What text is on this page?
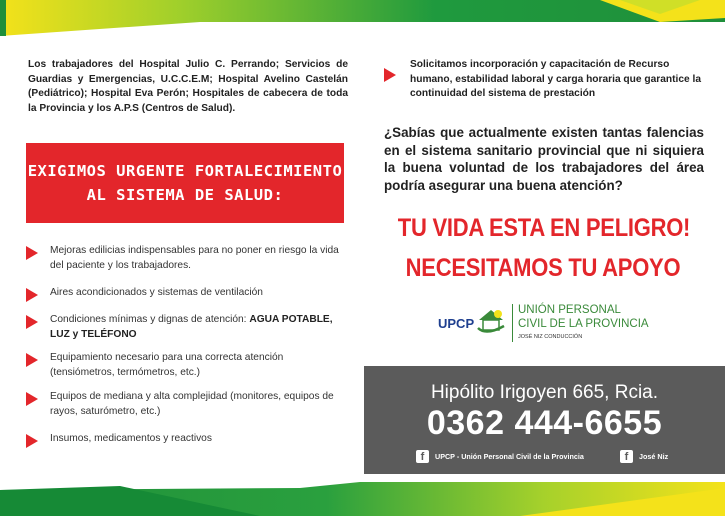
Los trabajadores del Hospital Julio C. Perrando; Servicios de Guardias y Emergencias, U.C.C.E.M; Hospital Avelino Castelán (Pediátrico); Hospital Eva Perón; Hospitales de cabecera de toda la Provincia y los A.P.S (Centros de Salud).
EXIGIMOS URGENTE FORTALECIMIENTO
AL SISTEMA DE SALUD:
Mejoras edilicias indispensables para no poner en riesgo la vida del paciente y los trabajadores.
Aires acondicionados y sistemas de ventilación
Condiciones mínimas y dignas de atención: AGUA POTABLE, LUZ y TELÉFONO
Equipamiento necesario para una correcta atención (tensiómetros, termómetros, etc.)
Equipos de mediana y alta complejidad (monitores, equipos de rayos, saturómetro, etc.)
Insumos, medicamentos y reactivos
Solicitamos incorporación y capacitación de Recurso humano, estabilidad laboral y carga horaria que garantice la continuidad del sistema de prestación
¿Sabías que actualmente existen tantas falencias en el sistema sanitario provincial que ni siquiera la buena voluntad de los trabajadores del área podría asegurar una buena atención?
TU VIDA ESTA EN PELIGRO!
NECESITAMOS TU APOYO
UPCP
UNIÓN PERSONAL
CIVIL DE LA PROVINCIA
JOSÉ NIZ CONDUCCIÓN
Hipólito Irigoyen 665, Rcia.
0362 444-6655
f	UPCP - Unión Personal Civil de la Provincia	f	José Niz
